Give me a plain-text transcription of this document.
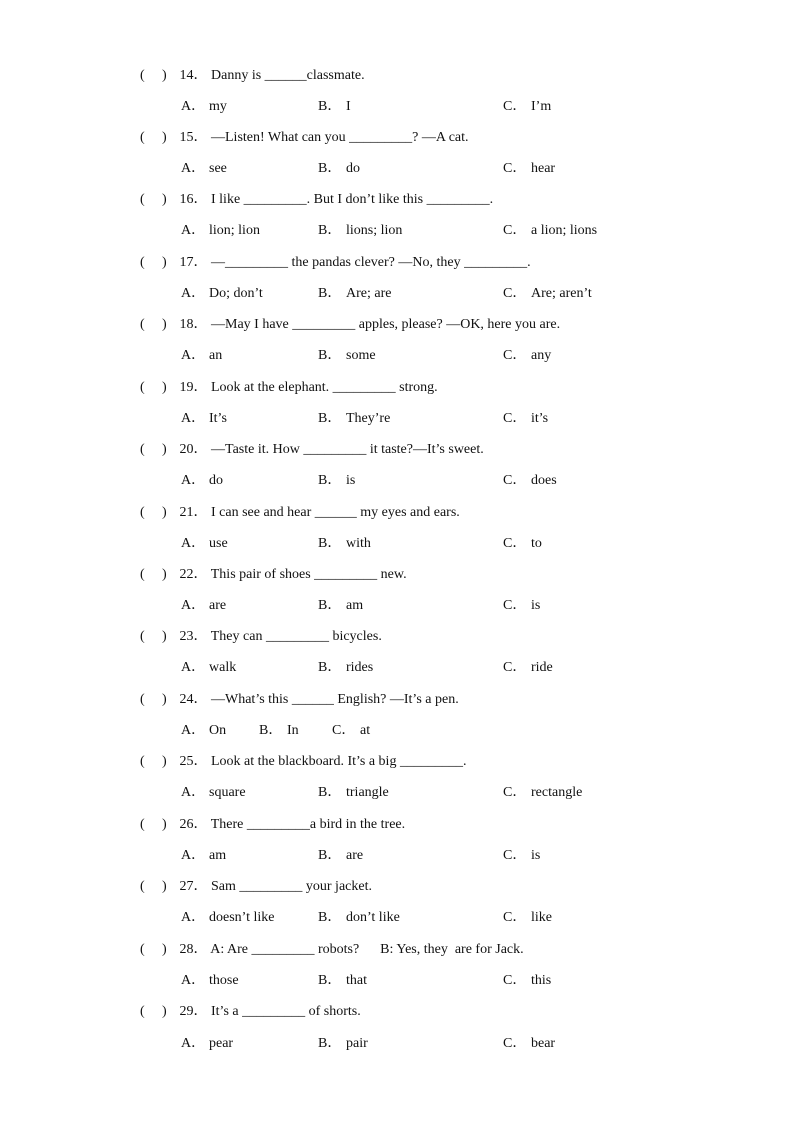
( ) 14． Danny is ______classmate.
A． my	B． I	C． I’m
( ) 15． —Listen! What can you _________? —A cat.
A． see	B． do	C． hear
( ) 16． I like _________. But I don’t like this _________.
A． lion; lion	B． lions; lion	C． a lion; lions
( ) 17． —_________ the pandas clever? —No, they _________.
A． Do; don’t	B． Are; are	C． Are; aren’t
( ) 18． —May I have _________ apples, please? —OK, here you are.
A． an	B． some	C． any
( ) 19． Look at the elephant. _________ strong.
A． It’s	B． They’re	C． it’s
( ) 20． —Taste it. How _________ it taste?—It’s sweet.
A． do	B． is	C． does
( ) 21． I can see and hear ______ my eyes and ears.
A． use	B． with	C． to
( ) 22． This pair of shoes _________ new.
A． are	B． am	C． is
( ) 23． They can _________ bicycles.
A． walk	B． rides	C． ride
( ) 24． —What’s this ______ English? —It’s a pen.
A． On B． In C． at
( ) 25． Look at the blackboard. It’s a big _________.
A． square	B． triangle	C． rectangle
( ) 26． There _________a bird in the tree.
A． am	B． are	C． is
( ) 27． Sam _________ your jacket.
A． doesn’t like	B． don’t like	C． like
( ) 28． A: Are _________ robots?      B: Yes, they  are for Jack.
A． those	B． that	C． this
( ) 29． It’s a _________ of shorts.
A． pear	B． pair	C． bear
